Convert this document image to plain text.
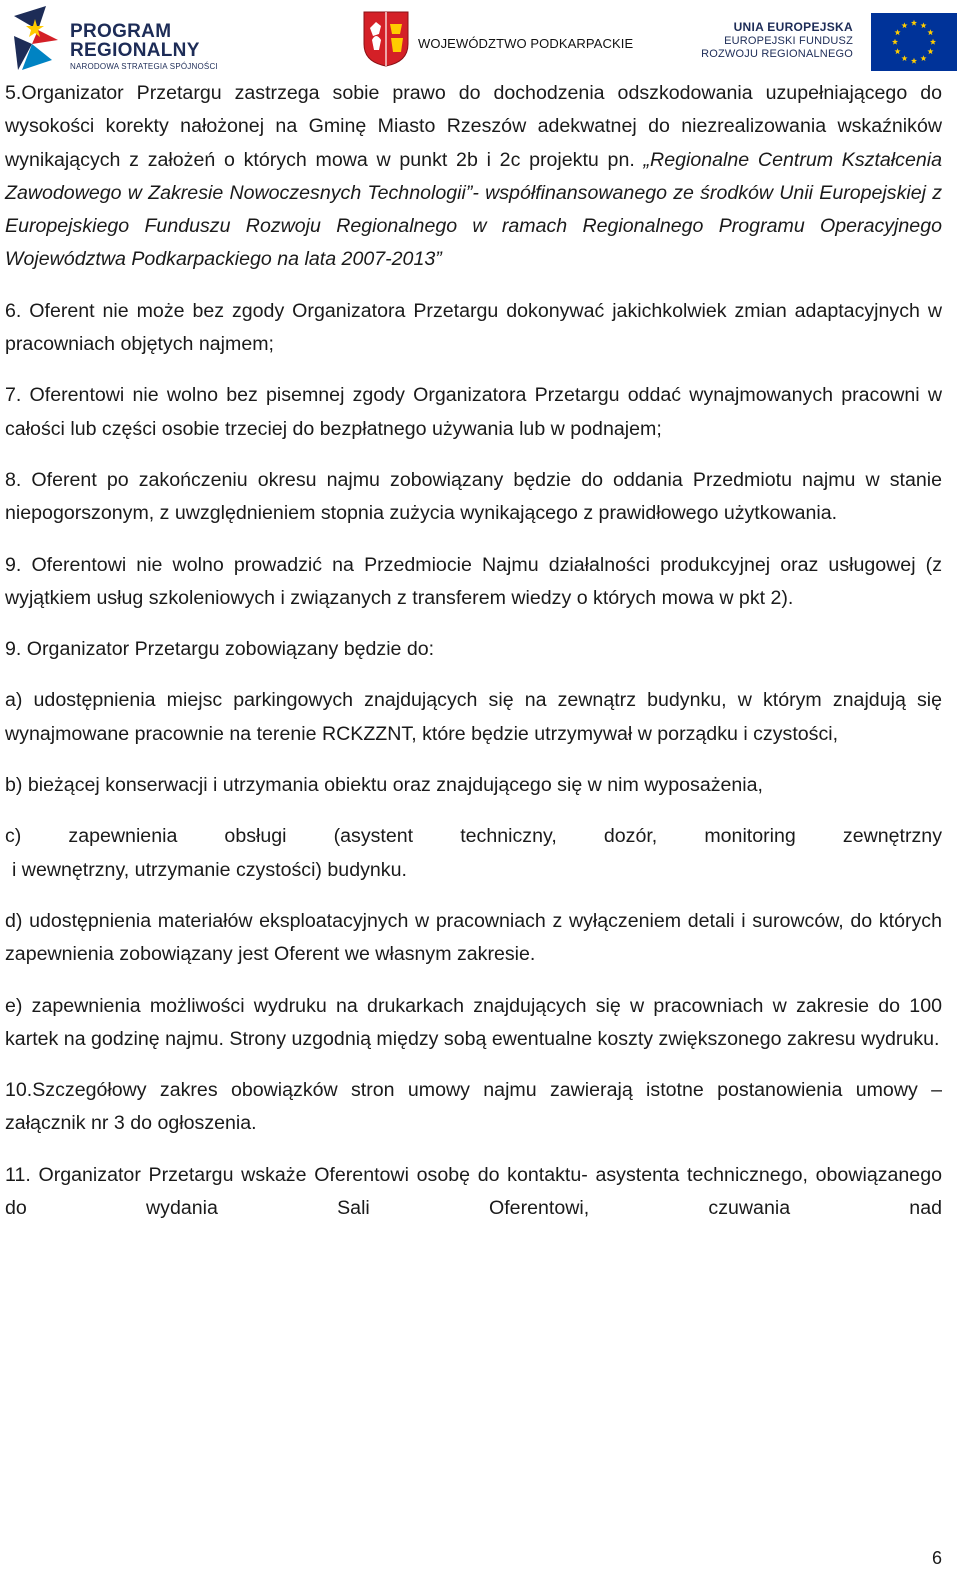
PROGRAM
REGIONALNY
NARODOWA STRATEGIA SPÓJNOŚCI
WOJEWÓDZTWO PODKARPACKIE
UNIA EUROPEJSKA
EUROPEJSKI FUNDUSZ
ROZWOJU REGIONALNEGO

5.Organizator Przetargu zastrzega sobie prawo do dochodzenia odszkodowania uzupełniającego do wysokości korekty nałożonej na Gminę Miasto Rzeszów adekwatnej do niezrealizowania wskaźników wynikających z założeń o których mowa w punkt 2b i 2c projektu pn. „Regionalne Centrum Kształcenia Zawodowego w Zakresie Nowoczesnych Technologii”- współfinansowanego ze środków Unii Europejskiej z Europejskiego Funduszu Rozwoju Regionalnego w ramach Regionalnego Programu Operacyjnego Województwa Podkarpackiego na lata 2007-2013”

6. Oferent nie może bez zgody Organizatora Przetargu dokonywać jakichkolwiek zmian adaptacyjnych w pracowniach objętych najmem;

7. Oferentowi nie wolno bez pisemnej zgody Organizatora Przetargu oddać wynajmowanych pracowni w całości lub części osobie trzeciej do bezpłatnego używania lub w podnajem;

8. Oferent po zakończeniu okresu najmu zobowiązany będzie do oddania Przedmiotu najmu w stanie niepogorszonym, z uwzględnieniem stopnia zużycia wynikającego z prawidłowego użytkowania.

9. Oferentowi nie wolno prowadzić na Przedmiocie Najmu działalności produkcyjnej oraz usługowej (z wyjątkiem usług szkoleniowych i związanych z transferem wiedzy o których mowa w pkt 2).

9. Organizator Przetargu zobowiązany będzie do:

a) udostępnienia miejsc parkingowych znajdujących się na zewnątrz budynku, w którym znajdują się wynajmowane pracownie na terenie RCKZZNT, które będzie utrzymywał w porządku i czystości,

b) bieżącej konserwacji i utrzymania obiektu oraz znajdującego się w nim wyposażenia,

c) zapewnienia obsługi (asystent techniczny, dozór, monitoring zewnętrzny
i wewnętrzny, utrzymanie czystości) budynku.

d) udostępnienia materiałów eksploatacyjnych w pracowniach z wyłączeniem detali i surowców, do których zapewnienia zobowiązany jest Oferent we własnym zakresie.

e) zapewnienia możliwości wydruku na drukarkach znajdujących się w pracowniach w zakresie do 100 kartek na godzinę najmu. Strony uzgodnią między sobą ewentualne koszty zwiększonego zakresu wydruku.

10.Szczegółowy zakres obowiązków stron umowy najmu zawierają istotne postanowienia umowy – załącznik nr 3 do ogłoszenia.

11. Organizator Przetargu wskaże Oferentowi osobę do kontaktu- asystenta technicznego, obowiązanego do wydania Sali Oferentowi, czuwania nad

6
